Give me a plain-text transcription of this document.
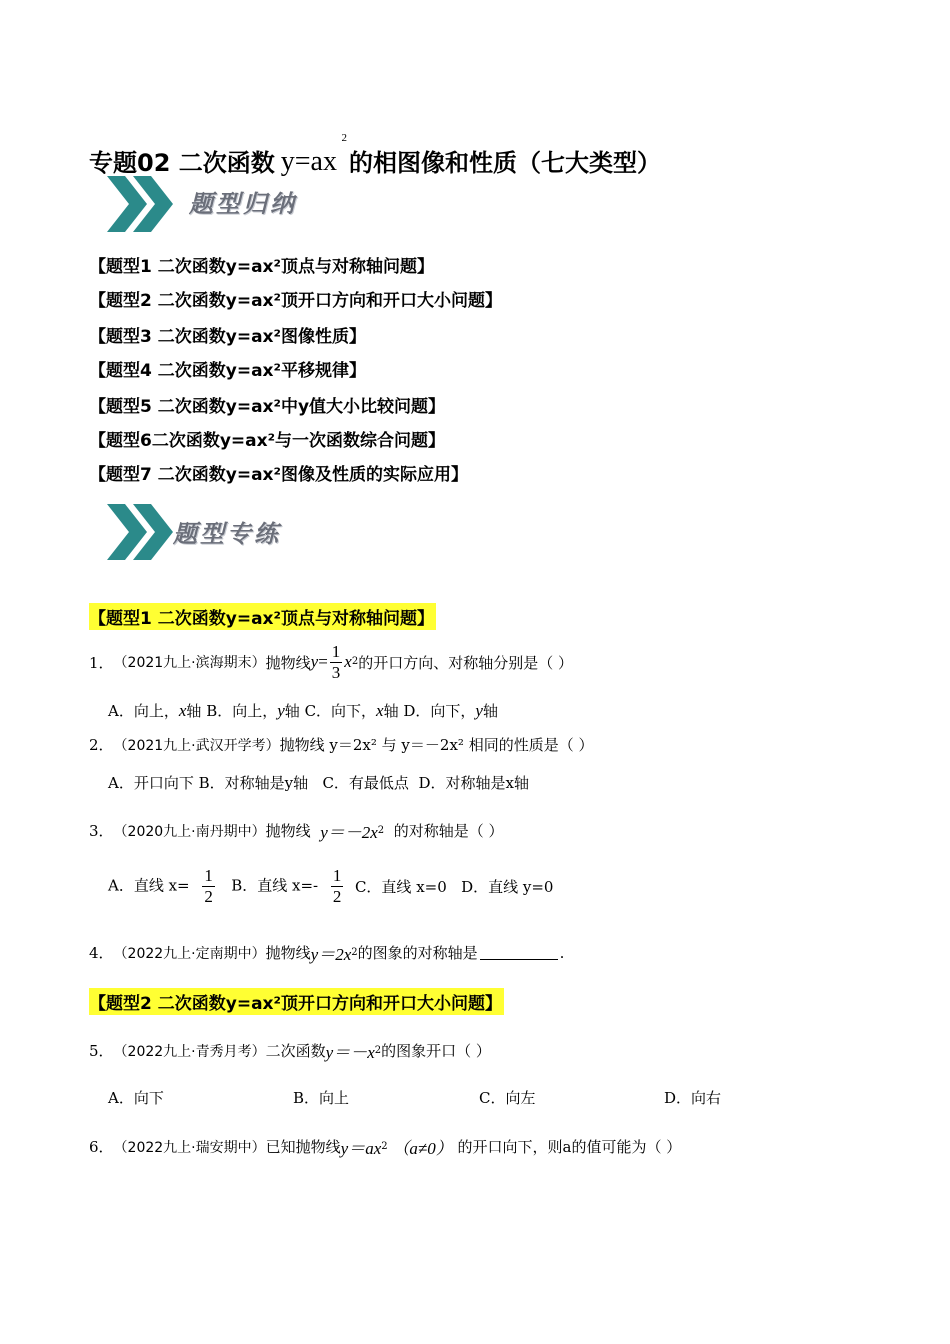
专题02 二次函数 y=ax
2
的相图像和性质（七大类型）
题型归纳
【题型1 二次函数y=ax²顶点与对称轴问题】
【题型2 二次函数y=ax²顶开口方向和开口大小问题】
【题型3 二次函数y=ax²图像性质】
【题型4 二次函数y=ax²平移规律】
【题型5 二次函数y=ax²中y值大小比较问题】
【题型6二次函数y=ax²与一次函数综合问题】
【题型7 二次函数y=ax²图像及性质的实际应用】
题型专练
【题型1 二次函数y=ax²顶点与对称轴问题】
1． （2021九上·滨海期末） 抛物线 $y = \frac{1}{3}$ x 2 的开口方向、对称轴分别是（ ）
A．向上，x轴
B．向上，y轴
C．向下，x轴
D．向下，y轴
2． （2021九上·武汉开学考） 抛物线 y＝2x² 与 y＝－2x² 相同的性质是（ ）
A．开口向下
B．对称轴是y轴
C．有最低点
D．对称轴是x轴
3． （2020九上·南丹期中） 抛物线
y＝－2x 2
的对称轴是（ ）
A．直线 $x= \frac{1}{2}$
B．直线 $x=- \frac{1}{2}$
C．直线 x=0
D．直线 y=0
4． （2022九上·定南期中） 抛物线 y＝2x 2 的图象的对称轴是	.
【题型2 二次函数y=ax²顶开口方向和开口大小问题】
5． （2022九上·青秀月考） 二次函数 y＝－x 2 的图象开口（ ）
A．向下	B．向上	C．向左	D．向右
6． （2022九上·瑞安期中） 已知抛物线 y＝ax 2
（a≠0）
的开口向下，则a的值可能为（ ）
